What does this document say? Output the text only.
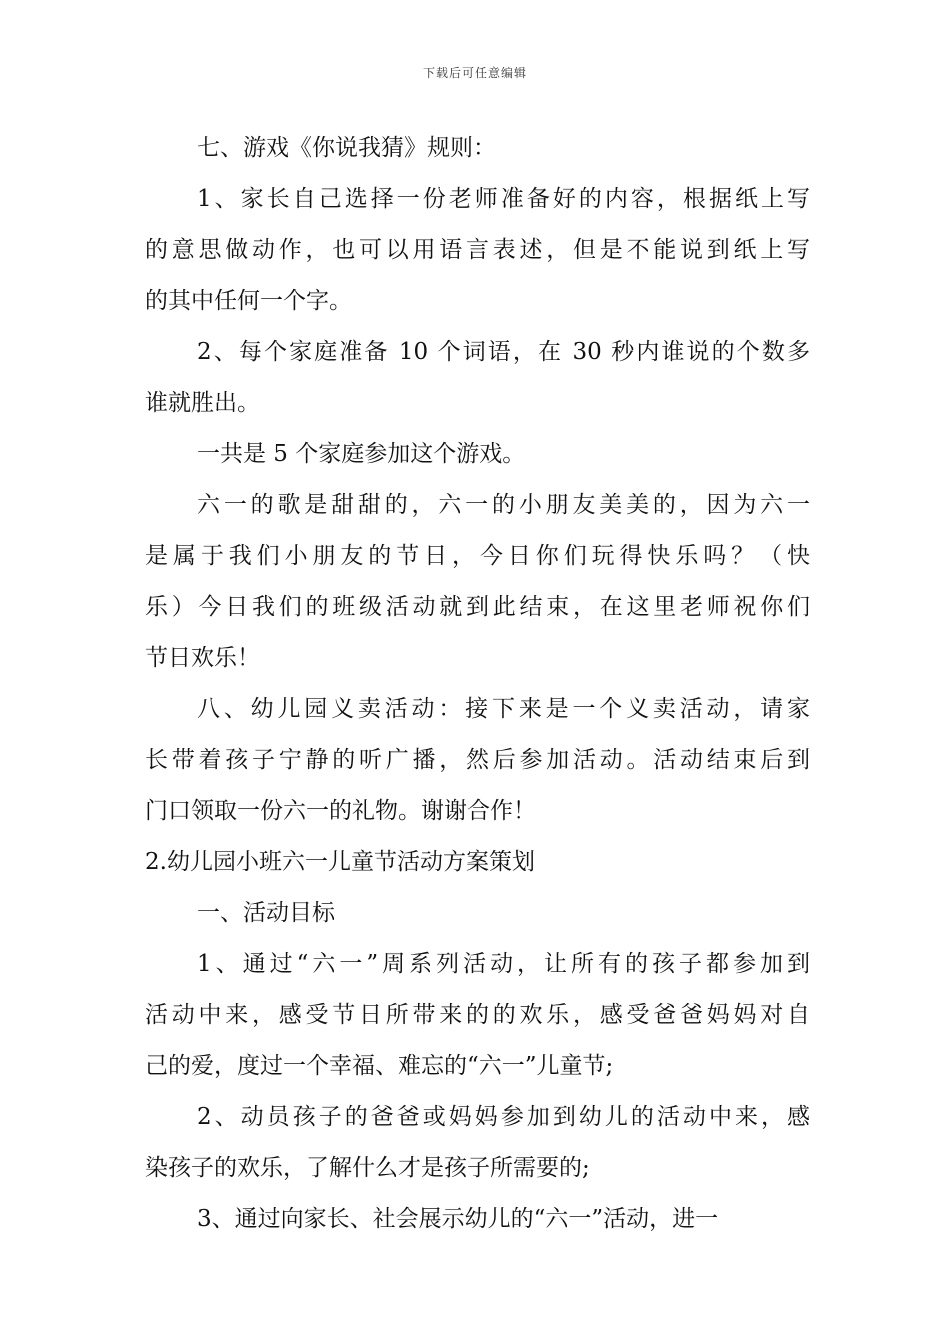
下载后可任意编辑
七、游戏《你说我猜》规则：
1、家长自己选择一份老师准备好的内容，根据纸上写
的意思做动作，也可以用语言表述，但是不能说到纸上写
的其中任何一个字。
2、每个家庭准备 10 个词语，在 30 秒内谁说的个数多
谁就胜出。
一共是 5 个家庭参加这个游戏。
六一的歌是甜甜的，六一的小朋友美美的，因为六一
是属于我们小朋友的节日，今日你们玩得快乐吗？（快
乐）今日我们的班级活动就到此结束，在这里老师祝你们
节日欢乐！
八、幼儿园义卖活动：接下来是一个义卖活动，请家
长带着孩子宁静的听广播，然后参加活动。活动结束后到
门口领取一份六一的礼物。谢谢合作！
2.幼儿园小班六一儿童节活动方案策划
一、活动目标
1、通过“六一”周系列活动，让所有的孩子都参加到
活动中来，感受节日所带来的的欢乐，感受爸爸妈妈对自
己的爱，度过一个幸福、难忘的“六一”儿童节;
2、动员孩子的爸爸或妈妈参加到幼儿的活动中来，感
染孩子的欢乐，了解什么才是孩子所需要的;
3、通过向家长、社会展示幼儿的“六一”活动，进一
